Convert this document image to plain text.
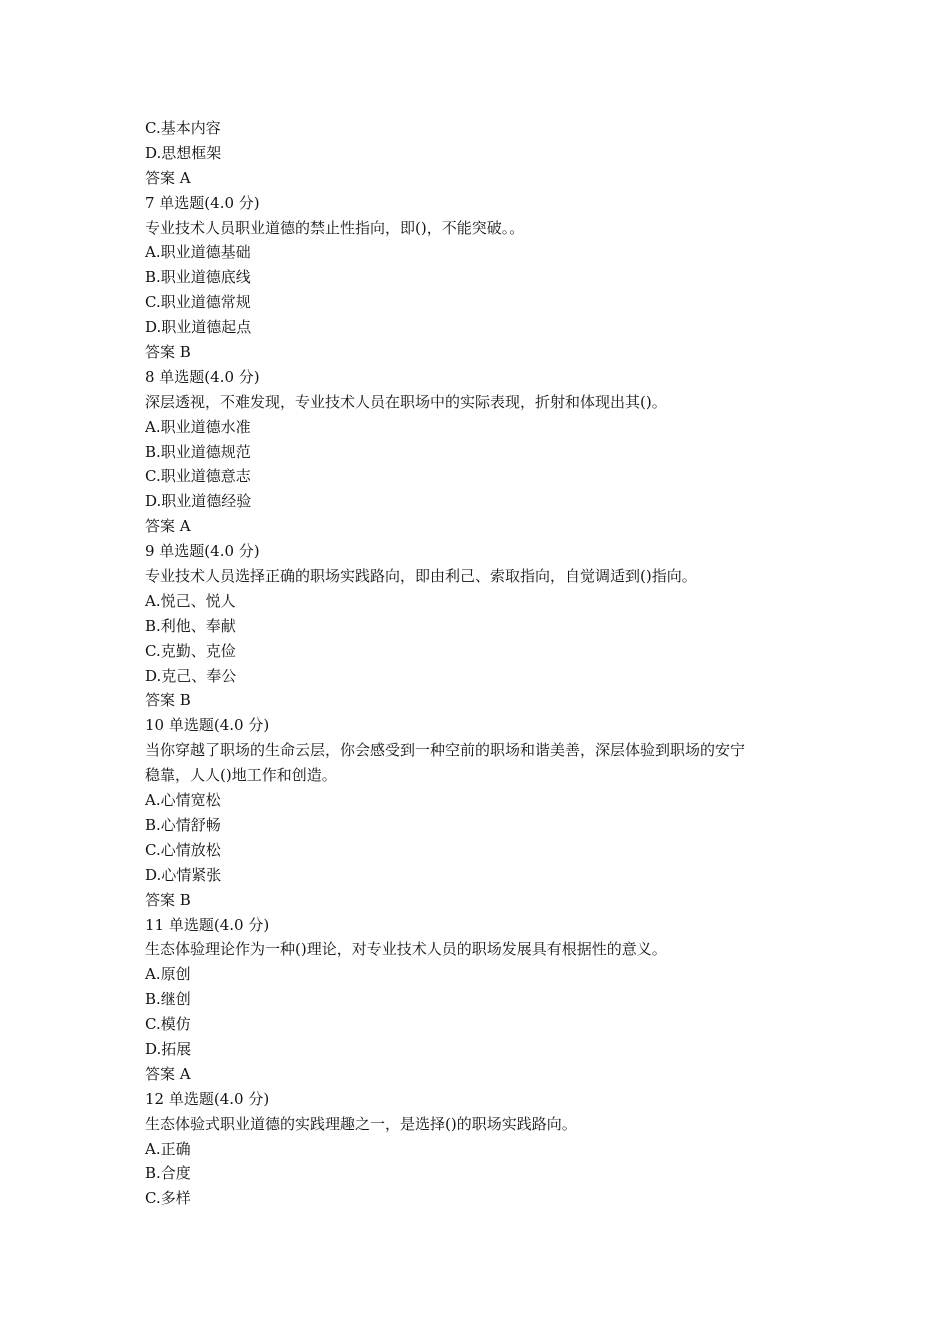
C.基本内容
D.思想框架
答案 A
7 单选题(4.0 分)
专业技术人员职业道德的禁止性指向，即()，不能突破。。
A.职业道德基础
B.职业道德底线
C.职业道德常规
D.职业道德起点
答案 B
8 单选题(4.0 分)
深层透视，不难发现，专业技术人员在职场中的实际表现，折射和体现出其()。
A.职业道德水准
B.职业道德规范
C.职业道德意志
D.职业道德经验
答案 A
9 单选题(4.0 分)
专业技术人员选择正确的职场实践路向，即由利己、索取指向，自觉调适到()指向。
A.悦己、悦人
B.利他、奉献
C.克勤、克俭
D.克己、奉公
答案 B
10 单选题(4.0 分)
当你穿越了职场的生命云层，你会感受到一种空前的职场和谐美善，深层体验到职场的安宁
稳靠，人人()地工作和创造。
A.心情宽松
B.心情舒畅
C.心情放松
D.心情紧张
答案 B
11 单选题(4.0 分)
生态体验理论作为一种()理论，对专业技术人员的职场发展具有根据性的意义。
A.原创
B.继创
C.模仿
D.拓展
答案 A
12 单选题(4.0 分)
生态体验式职业道德的实践理趣之一，是选择()的职场实践路向。
A.正确
B.合度
C.多样
